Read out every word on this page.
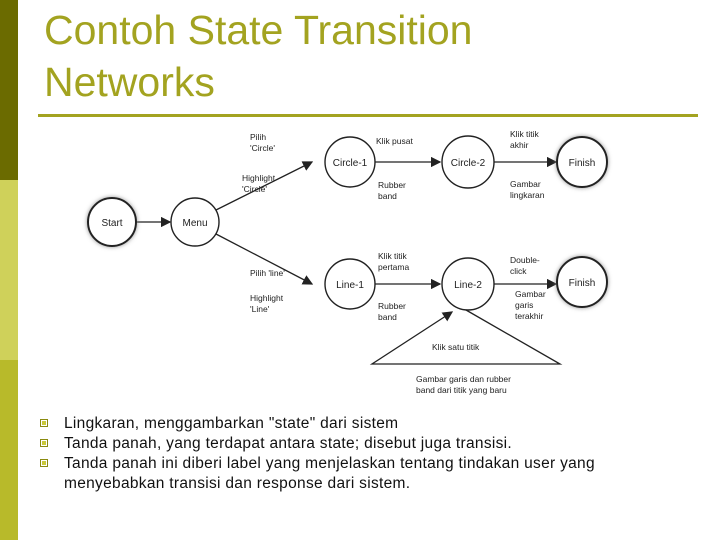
Contoh State Transition
Networks
Start	Menu
Circle-1	Circle-2	Finish
Line-1	Line-2	Finish
Pilih
'Circle'
Highlight
'Circle'
Klik pusat
Rubber
band
Klik titik
akhir
Gambar
lingkaran
Pilih 'line'
Highlight
'Line'
Klik titik
pertama
Rubber
band
Double-
click
Gambar
garis
terakhir
Klik satu titik
Gambar garis dan rubber
band dari titik yang baru
Lingkaran, menggambarkan "state" dari sistem
Tanda panah, yang terdapat antara state; disebut juga transisi.
Tanda panah ini diberi label yang menjelaskan tentang tindakan user yang menyebabkan transisi dan response dari sistem.
